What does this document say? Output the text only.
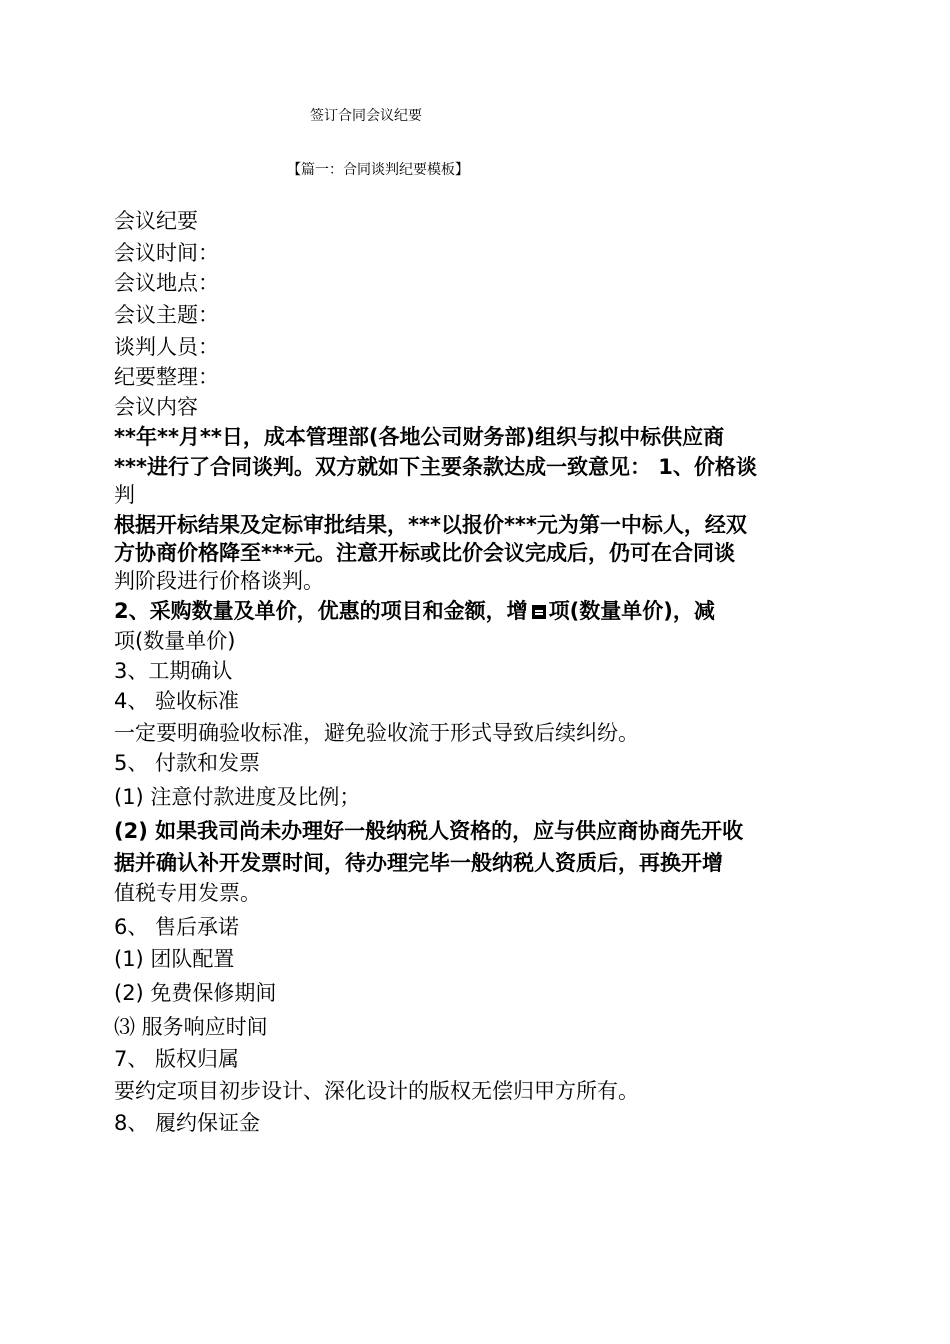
签订合同会议纪要
【篇一：合同谈判纪要模板】
会议纪要
会议时间：
会议地点：
会议主题：
谈判人员：
纪要整理：
会议内容
**年**月**日，成本管理部(各地公司财务部)组织与拟中标供应商
***进行了合同谈判。双方就如下主要条款达成一致意见： 1、价格谈
判
根据开标结果及定标审批结果，***以报价***元为第一中标人，经双
方协商价格降至***元。注意开标或比价会议完成后，仍可在合同谈
判阶段进行价格谈判。
2、采购数量及单价，优惠的项目和金额，增 项(数量单价)，减
项(数量单价)
3、工期确认
4、 验收标准
一定要明确验收标准，避免验收流于形式导致后续纠纷。
5、 付款和发票
(1) 注意付款进度及比例；
(2) 如果我司尚未办理好一般纳税人资格的，应与供应商协商先开收
据并确认补开发票时间，待办理完毕一般纳税人资质后，再换开增
值税专用发票。
6、 售后承诺
(1) 团队配置
(2) 免费保修期间
⑶ 服务响应时间
7、 版权归属
要约定项目初步设计、深化设计的版权无偿归甲方所有。
8、 履约保证金
